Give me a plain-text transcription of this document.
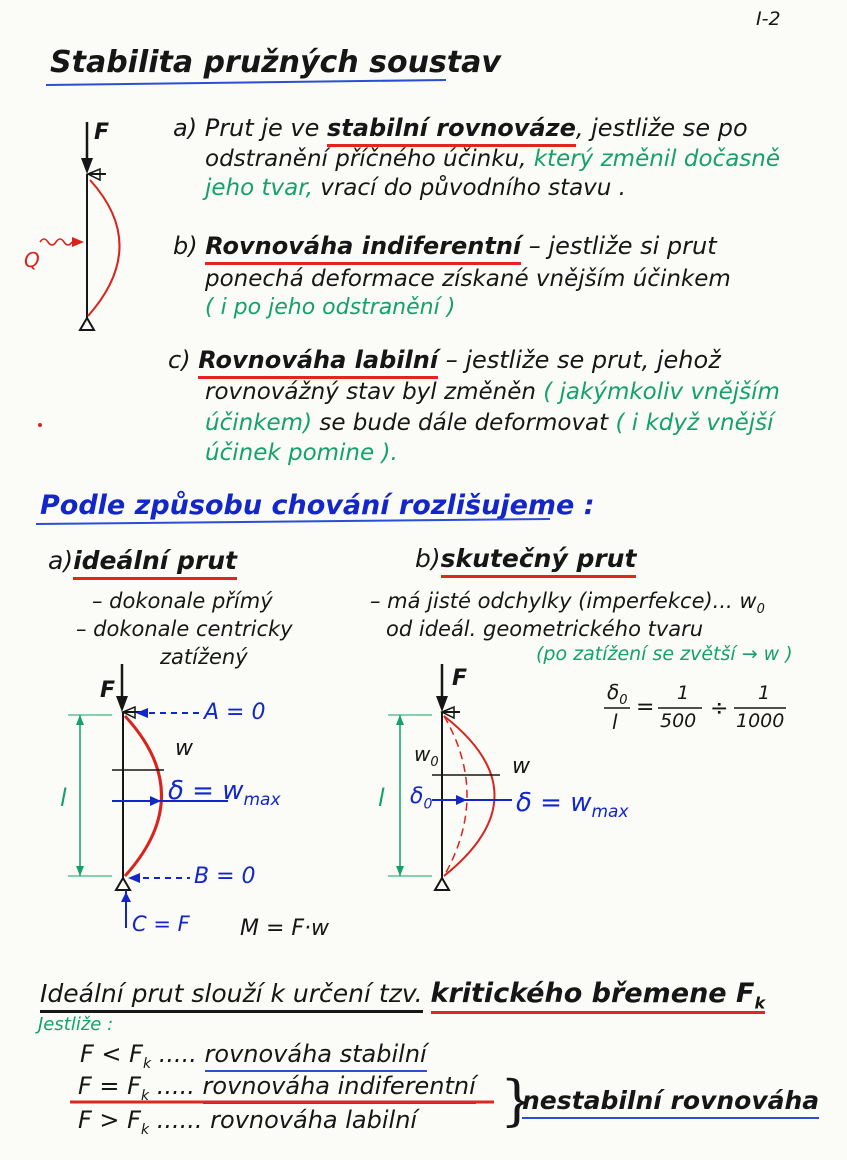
I-2
Stabilita pružných soustav
a) Prut je ve stabilní rovnováze, jestliže se po
odstranění příčného účinku, který změnil dočasně
jeho tvar, vrací do původního stavu .
b) Rovnováha indiferentní – jestliže si prut
ponechá deformace získané vnějším účinkem
( i po jeho odstranění )
c) Rovnováha labilní – jestliže se prut, jehož
rovnovážný stav byl změněn ( jakýmkoliv vnějším
účinkem) se bude dále deformovat ( i když vnější
účinek pomine ).
F
Q
Podle způsobu chování rozlišujeme :
a)ideální prut
– dokonale přímý
– dokonale centricky
zatížený
b)skutečný prut
– má jisté odchylky (imperfekce)... $w_0$
od ideál. geometrického tvaru
(po zatížení se zvětší → w )
F
A = 0
w
$\delta = w_{max}$
l
B = 0
C = F M = F·w
F
$w_0$	w
$\delta_0$	$\delta = w_{max}$
l
$\delta_0$
l
=
1
500 ÷
1
1000
Ideální prut slouží k určení tzv. kritického břemene $F_k$
Jestliže :
$F < F_k$ ..... rovnováha stabilní
$F = F_k$ ..... rovnováha indiferentní
$F > F_k$ ...... rovnováha labilní }
nestabilní rovnováha
